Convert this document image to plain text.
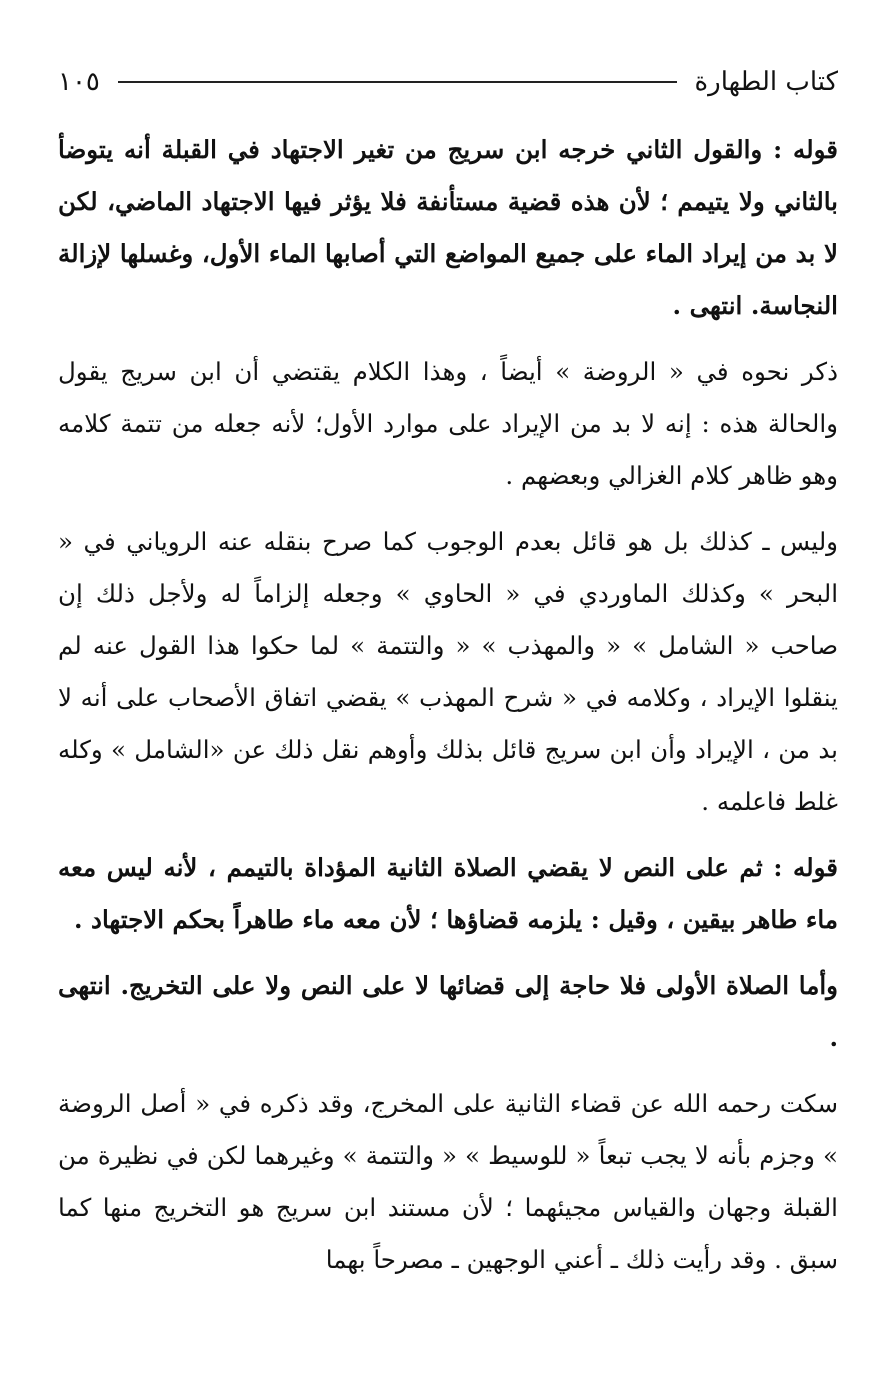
كتاب الطهارة
١٠٥

قوله : والقول الثاني خرجه ابن سريج من تغير الاجتهاد في القبلة أنه يتوضأ بالثاني ولا يتيمم ؛ لأن هذه قضية مستأنفة فلا يؤثر فيها الاجتهاد الماضي، لكن لا بد من إيراد الماء على جميع المواضع التي أصابها الماء الأول، وغسلها لإزالة النجاسة. انتهى .

ذكر نحوه في « الروضة » أيضاً ، وهذا الكلام يقتضي أن ابن سريج يقول والحالة هذه : إنه لا بد من الإيراد على موارد الأول؛ لأنه جعله من تتمة كلامه وهو ظاهر كلام الغزالي وبعضهم .

وليس ـ كذلك بل هو قائل بعدم الوجوب كما صرح بنقله عنه الروياني في « البحر » وكذلك الماوردي في « الحاوي » وجعله إلزاماً له ولأجل ذلك إن صاحب « الشامل » « والمهذب » « والتتمة » لما حكوا هذا القول عنه لم ينقلوا الإيراد ، وكلامه في « شرح المهذب » يقضي اتفاق الأصحاب على أنه لا بد من ، الإيراد وأن ابن سريج قائل بذلك وأوهم نقل ذلك عن «الشامل » وكله غلط فاعلمه .

قوله : ثم على النص لا يقضي الصلاة الثانية المؤداة بالتيمم ، لأنه ليس معه ماء طاهر بيقين ، وقيل : يلزمه قضاؤها ؛ لأن معه ماء طاهراً بحكم الاجتهاد .

وأما الصلاة الأولى فلا حاجة إلى قضائها لا على النص ولا على التخريج. انتهى .

سكت رحمه الله عن قضاء الثانية على المخرج، وقد ذكره في « أصل الروضة » وجزم بأنه لا يجب تبعاً « للوسيط » « والتتمة » وغيرهما لكن في نظيرة من القبلة وجهان والقياس مجيئهما ؛ لأن مستند ابن سريج هو التخريج منها كما سبق . وقد رأيت ذلك ـ أعني الوجهين ـ مصرحاً بهما
